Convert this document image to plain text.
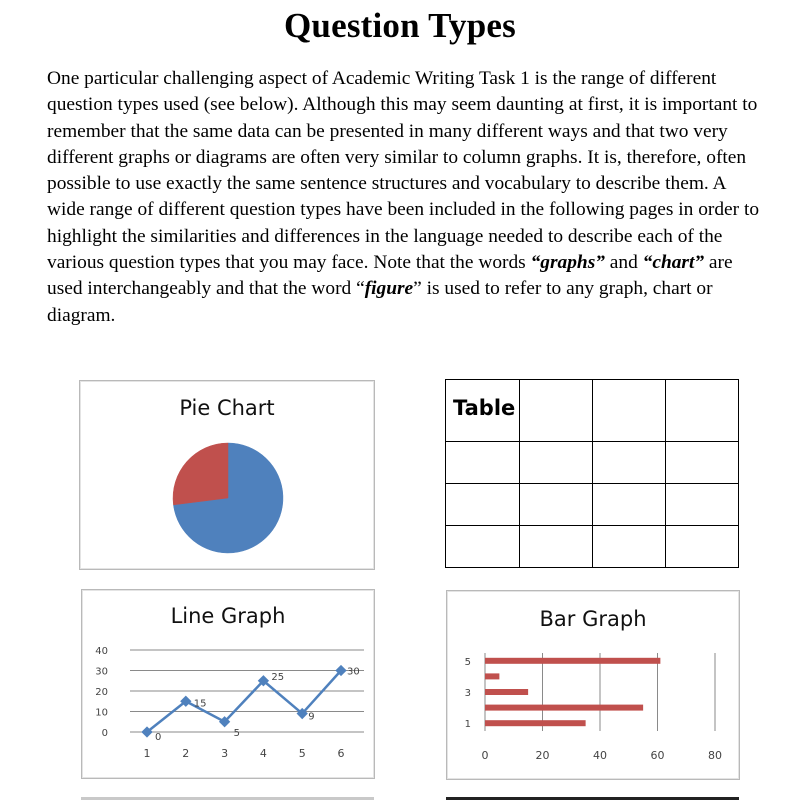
Question Types

One particular challenging aspect of Academic Writing Task 1 is the range of different question types used (see below). Although this may seem daunting at first, it is important to remember that the same data can be presented in many different ways and that two very different graphs or diagrams are often very similar to column graphs. It is, therefore, often possible to use exactly the same sentence structures and vocabulary to describe them. A wide range of different question types have been included in the following pages in order to highlight the similarities and differences in the language needed to describe each of the various question types that you may face. Note that the words “graphs” and “chart” are used interchangeably and that the word “figure” is used to refer to any graph, chart or diagram.

Pie Chart	Table			

Line Graph
0
10
20
30
40
1	2	3	4	5	6
0
15
5
25
9
30
Bar Graph
0	20	40	60	80
1
3
5
